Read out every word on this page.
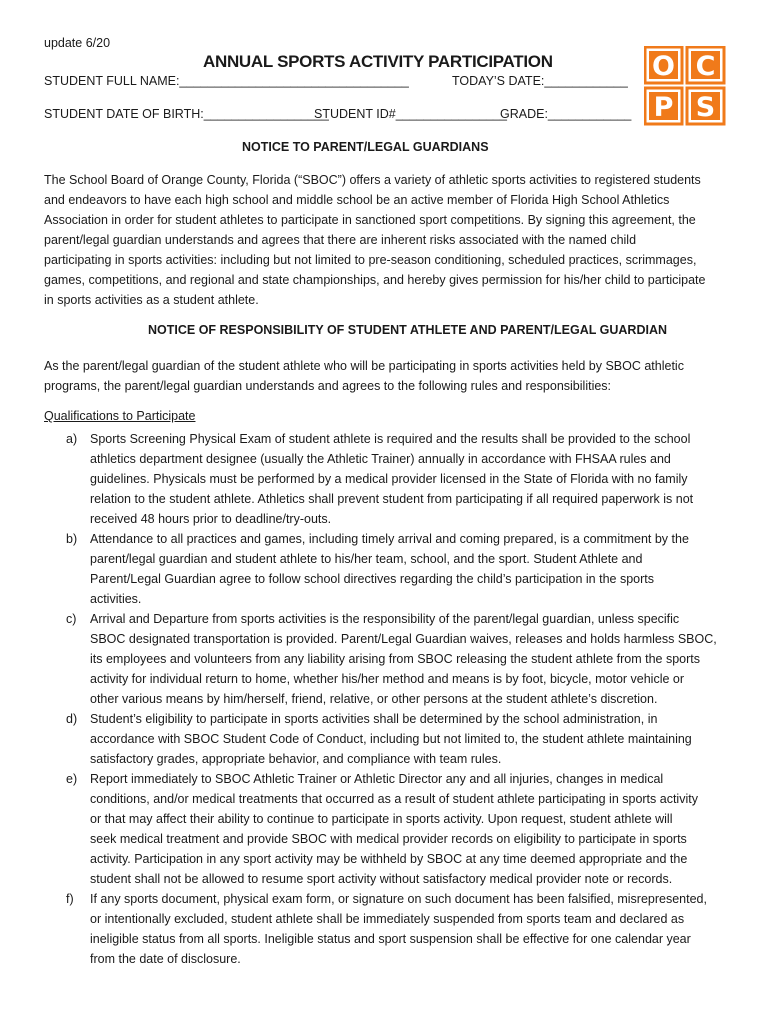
update 6/20
ANNUAL SPORTS ACTIVITY PARTICIPATION
STUDENT FULL NAME:_________________________________	TODAY’S DATE:____________
STUDENT DATE OF BIRTH:__________________
STUDENT ID#________________
GRADE:____________
O C
P S
NOTICE TO PARENT/LEGAL GUARDIANS

The School Board of Orange County, Florida (“SBOC”) offers a variety of athletic sports activities to registered students

and endeavors to have each high school and middle school be an active member of Florida High School Athletics

Association in order for student athletes to participate in sanctioned sport competitions. By signing this agreement, the

parent/legal guardian understands and agrees that there are inherent risks associated with the named child

participating in sports activities: including but not limited to pre-season conditioning, scheduled practices, scrimmages,

games, competitions, and regional and state championships, and hereby gives permission for his/her child to participate

in sports activities as a student athlete.

NOTICE OF RESPONSIBILITY OF STUDENT ATHLETE AND PARENT/LEGAL GUARDIAN

As the parent/legal guardian of the student athlete who will be participating in sports activities held by SBOC athletic

programs, the parent/legal guardian understands and agrees to the following rules and responsibilities:

Qualifications to Participate
a) Sports Screening Physical Exam of student athlete is required and the results shall be provided to the school

athletics department designee (usually the Athletic Trainer) annually in accordance with FHSAA rules and

guidelines. Physicals must be performed by a medical provider licensed in the State of Florida with no family

relation to the student athlete. Athletics shall prevent student from participating if all required paperwork is not

received 48 hours prior to deadline/try-outs.

b) Attendance to all practices and games, including timely arrival and coming prepared, is a commitment by the

parent/legal guardian and student athlete to his/her team, school, and the sport. Student Athlete and

Parent/Legal Guardian agree to follow school directives regarding the child’s participation in the sports

activities.

c) Arrival and Departure from sports activities is the responsibility of the parent/legal guardian, unless specific

SBOC designated transportation is provided. Parent/Legal Guardian waives, releases and holds harmless SBOC,

its employees and volunteers from any liability arising from SBOC releasing the student athlete from the sports

activity for individual return to home, whether his/her method and means is by foot, bicycle, motor vehicle or

other various means by him/herself, friend, relative, or other persons at the student athlete’s discretion.

d) Student’s eligibility to participate in sports activities shall be determined by the school administration, in

accordance with SBOC Student Code of Conduct, including but not limited to, the student athlete maintaining

satisfactory grades, appropriate behavior, and compliance with team rules.

e) Report immediately to SBOC Athletic Trainer or Athletic Director any and all injuries, changes in medical

conditions, and/or medical treatments that occurred as a result of student athlete participating in sports activity

or that may affect their ability to continue to participate in sports activity. Upon request, student athlete will

seek medical treatment and provide SBOC with medical provider records on eligibility to participate in sports

activity. Participation in any sport activity may be withheld by SBOC at any time deemed appropriate and the

student shall not be allowed to resume sport activity without satisfactory medical provider note or records.

f) If any sports document, physical exam form, or signature on such document has been falsified, misrepresented,

or intentionally excluded, student athlete shall be immediately suspended from sports team and declared as

ineligible status from all sports. Ineligible status and sport suspension shall be effective for one calendar year

from the date of disclosure.
